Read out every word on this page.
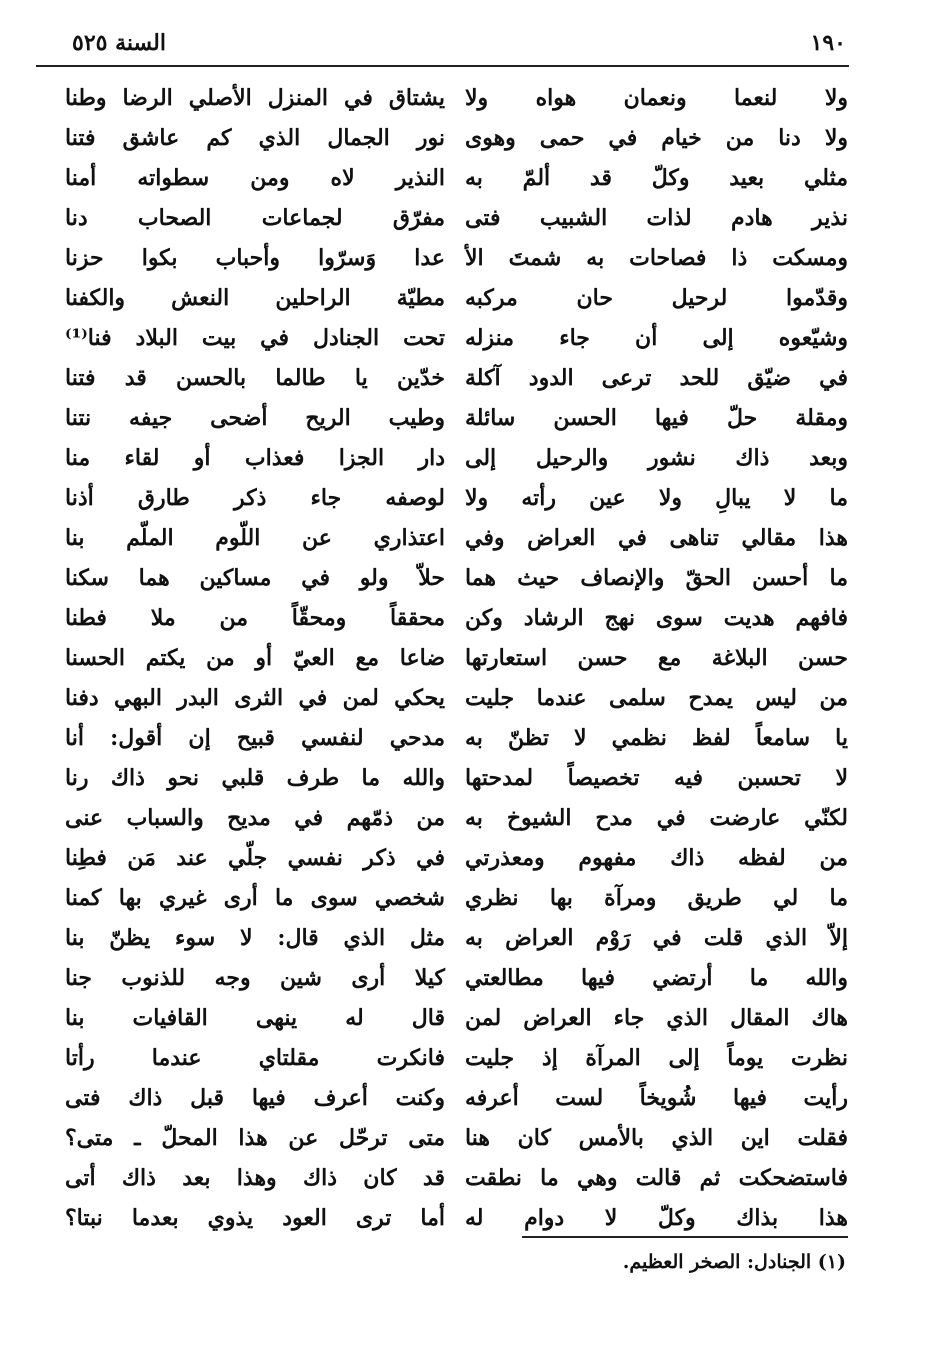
١٩٠
السنة ٥٢٥
ولا لنعما ونعمان هواه ولا
ولا دنا من خيام في حمى وهوى
مثلي بعيد وكلّ قد ألمّ به
نذير هادم لذات الشبيب فتى
ومسكت ذا فصاحات به شمتَ الأ
وقدّموا لرحيل حان مركبه
وشيّعوه إلى أن جاء منزله
في ضيّق للحد ترعى الدود آكلة
ومقلة حلّ فيها الحسن سائلة
وبعد ذاك نشور والرحيل إلى
ما لا يبالِ ولا عين رأته ولا
هذا مقالي تناهى في العراض وفي
ما أحسن الحقّ والإنصاف حيث هما
فافهم هديت سوى نهج الرشاد وكن
حسن البلاغة مع حسن استعارتها
من ليس يمدح سلمى عندما جليت
يا سامعاً لفظ نظمي لا تظنّ به
لا تحسبن فيه تخصيصاً لمدحتها
لكنّي عارضت في مدح الشيوخ به
من لفظه ذاك مفهوم ومعذرتي
ما لي طريق ومرآة بها نظري
إلاّ الذي قلت في رَوْم العراض به
والله ما أرتضي فيها مطالعتي
هاك المقال الذي جاء العراض لمن
نظرت يوماً إلى المرآة إذ جليت
رأيت فيها شُويخاً لست أعرفه
فقلت اين الذي بالأمس كان هنا
فاستضحكت ثم قالت وهي ما نطقت
هذا بذاك وكلّ لا دوام له
يشتاق في المنزل الأصلي الرضا وطنا
نور الجمال الذي كم عاشق فتنا
النذير لاه ومن سطواته أمنا
مفرّق لجماعات الصحاب دنا
عدا وَسرّوا وأحباب بكوا حزنا
مطيّة الراحلين النعش والكفنا
تحت الجنادل في بيت البلاد فنا⁽¹⁾
خدّين يا طالما بالحسن قد فتنا
وطيب الريح أضحى جيفه نتنا
دار الجزا فعذاب أو لقاء منا
لوصفه جاء ذكر طارق أذنا
اعتذاري عن اللّوم الملّم بنا
حلاّ ولو في مساكين هما سكنا
محققاً ومحقّاً من ملا فطنا
ضاعا مع العيّ أو من يكتم الحسنا
يحكي لمن في الثرى البدر البهي دفنا
مدحي لنفسي قبيح إن أقول: أنا
والله ما طرف قلبي نحو ذاك رنا
من ذمّهم في مديح والسباب عنى
في ذكر نفسي جلّي عند مَن فطِنا
شخصي سوى ما أرى غيري بها كمنا
مثل الذي قال: لا سوء يظنّ بنا
كيلا أرى شين وجه للذنوب جنا
قال له ينهى القافيات بنا
فانكرت مقلتاي عندما رأتا
وكنت أعرف فيها قبل ذاك فتى
متى ترحّل عن هذا المحلّ ـ متى؟
قد كان ذاك وهذا بعد ذاك أتى
أما ترى العود يذوي بعدما نبتا؟
(١) الجنادل: الصخر العظيم.
